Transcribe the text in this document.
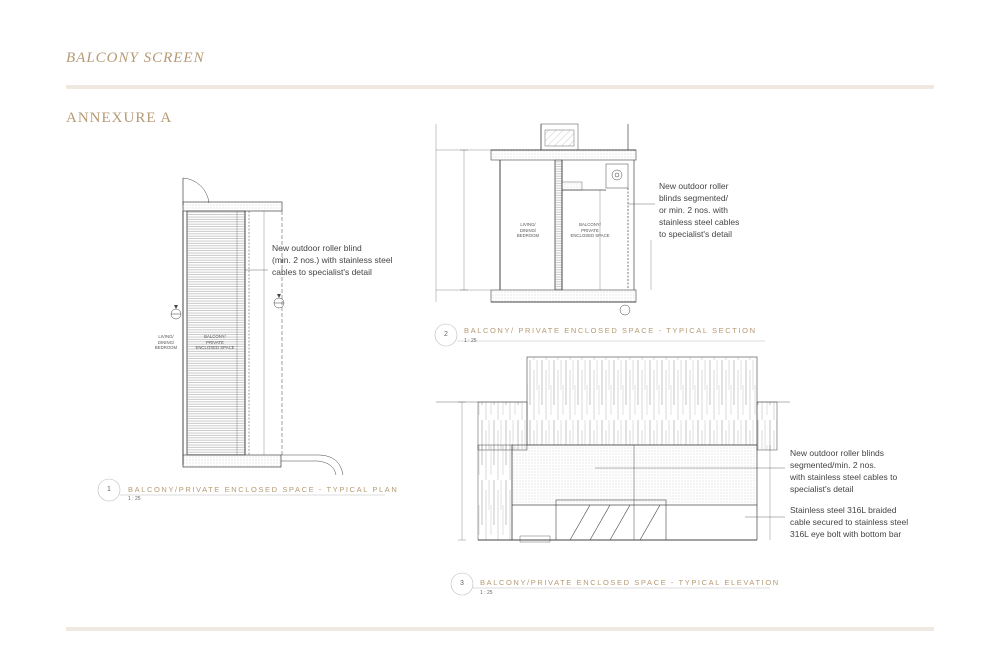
BALCONY SCREEN
ANNEXURE A
New outdoor roller blind
(min. 2 nos.) with stainless steel
cables to specialist's detail
LIVING/
DINING/
BEDROOM
BALCONY/
PRIVATE
ENCLOSED SPACE
1	BALCONY/PRIVATE ENCLOSED SPACE - TYPICAL PLAN
1 : 25
New outdoor roller
blinds segmented/
or min. 2 nos. with
stainless steel cables
to specialist's detail
LIVING/
DINING/
BEDROOM
BALCONY/
PRIVATE
ENCLOSED SPACE
2	BALCONY/ PRIVATE ENCLOSED SPACE - TYPICAL SECTION
1 : 25
New outdoor roller blinds
segmented/min. 2 nos.
with stainless steel cables to
specialist's detail
Stainless steel 316L braided
cable secured to stainless steel
316L eye bolt with bottom bar
3	BALCONY/PRIVATE ENCLOSED SPACE - TYPICAL ELEVATION
1 : 25
